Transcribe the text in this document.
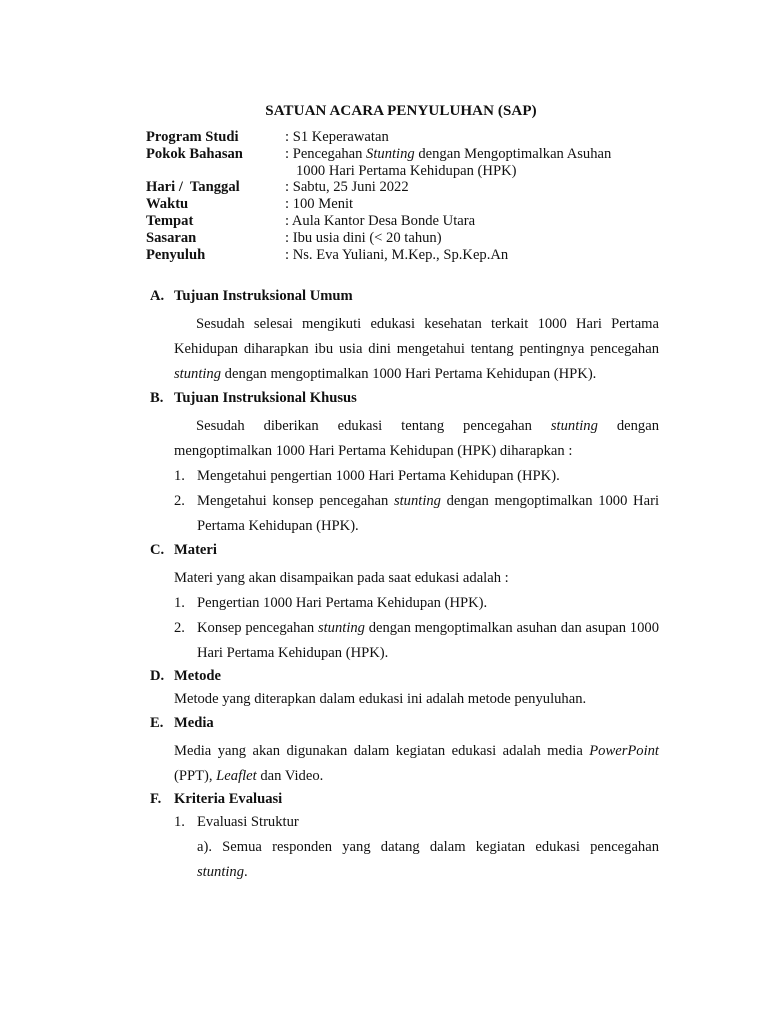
SATUAN ACARA PENYULUHAN (SAP)
Program Studi	: S1 Keperawatan
Pokok Bahasan	: Pencegahan Stunting dengan Mengoptimalkan Asuhan
1000 Hari Pertama Kehidupan (HPK)
Hari /  Tanggal	: Sabtu, 25 Juni 2022
Waktu	: 100 Menit
Tempat	: Aula Kantor Desa Bonde Utara
Sasaran	: Ibu usia dini (< 20 tahun)
Penyuluh	: Ns. Eva Yuliani, M.Kep., Sp.Kep.An
A. Tujuan Instruksional Umum
Sesudah selesai mengikuti edukasi kesehatan terkait 1000 Hari Pertama Kehidupan diharapkan ibu usia dini mengetahui tentang pentingnya pencegahan stunting dengan mengoptimalkan 1000 Hari Pertama Kehidupan (HPK).
B. Tujuan Instruksional Khusus
Sesudah diberikan edukasi tentang pencegahan stunting dengan mengoptimalkan 1000 Hari Pertama Kehidupan (HPK) diharapkan :
1. Mengetahui pengertian 1000 Hari Pertama Kehidupan (HPK).
2. Mengetahui konsep pencegahan stunting dengan mengoptimalkan 1000 Hari Pertama Kehidupan (HPK).
C. Materi
Materi yang akan disampaikan pada saat edukasi adalah :
1. Pengertian 1000 Hari Pertama Kehidupan (HPK).
2. Konsep pencegahan stunting dengan mengoptimalkan asuhan dan asupan 1000 Hari Pertama Kehidupan (HPK).
D. Metode
Metode yang diterapkan dalam edukasi ini adalah metode penyuluhan.
E. Media
Media yang akan digunakan dalam kegiatan edukasi adalah media PowerPoint (PPT), Leaflet dan Video.
F. Kriteria Evaluasi
1. Evaluasi Struktur
a). Semua responden yang datang dalam kegiatan edukasi pencegahan stunting.
